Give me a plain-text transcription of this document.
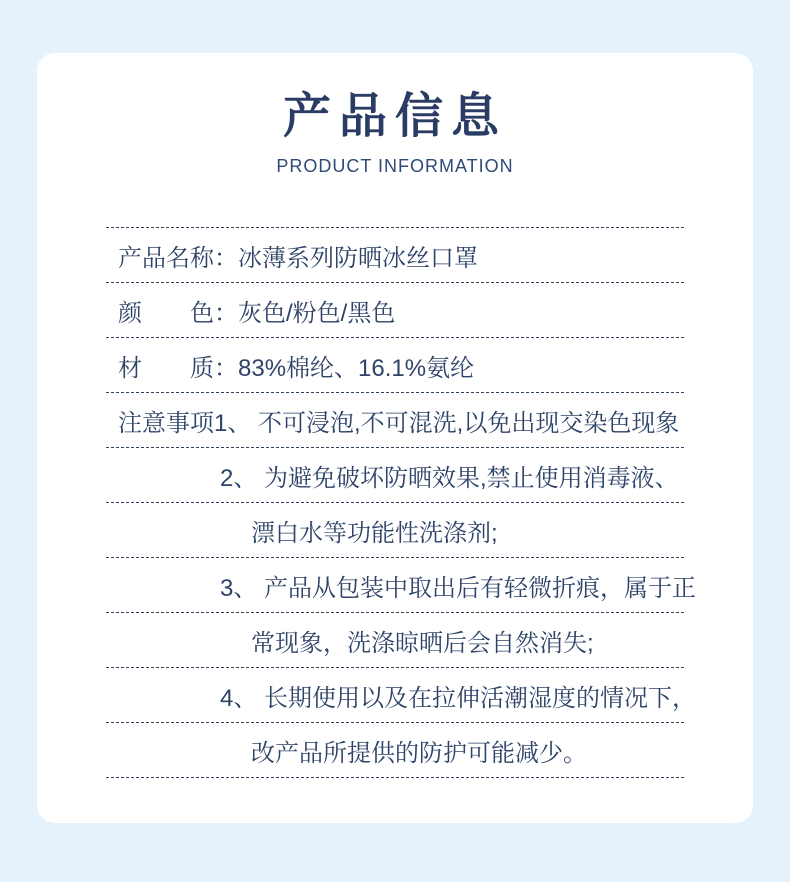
产品信息
PRODUCT INFORMATION
产品名称：冰薄系列防晒冰丝口罩
颜　　色：灰色/粉色/黑色
材　　质：83%棉纶、16.1%氨纶
注意事项1、 不可浸泡,不可混洗,以免出现交染色现象
2、 为避免破坏防晒效果,禁止使用消毒液、
漂白水等功能性洗涤剂;
3、 产品从包装中取出后有轻微折痕，属于正
常现象，洗涤晾晒后会自然消失;
4、 长期使用以及在拉伸活潮湿度的情况下，
改产品所提供的防护可能减少。
